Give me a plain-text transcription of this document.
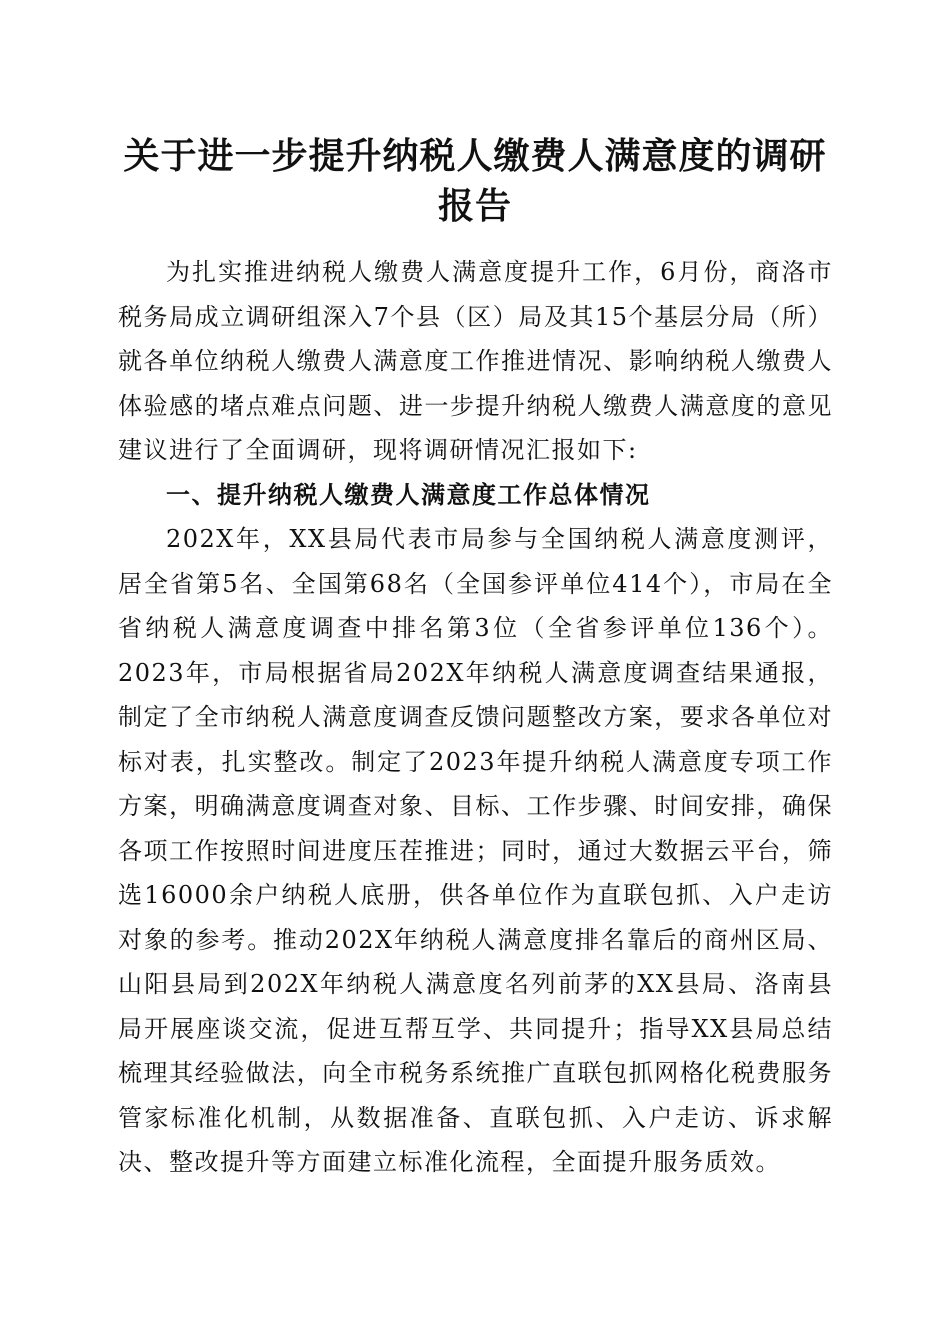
关于进一步提升纳税人缴费人满意度的调研报告

为扎实推进纳税人缴费人满意度提升工作，6月份，商洛市税务局成立调研组深入7个县（区）局及其15个基层分局（所）就各单位纳税人缴费人满意度工作推进情况、影响纳税人缴费人体验感的堵点难点问题、进一步提升纳税人缴费人满意度的意见建议进行了全面调研，现将调研情况汇报如下:

一、提升纳税人缴费人满意度工作总体情况

202X年，XX县局代表市局参与全国纳税人满意度测评，居全省第5名、全国第68名（全国参评单位414个），市局在全省纳税人满意度调查中排名第3位（全省参评单位136个）。2023年，市局根据省局202X年纳税人满意度调查结果通报，制定了全市纳税人满意度调查反馈问题整改方案，要求各单位对标对表，扎实整改。制定了2023年提升纳税人满意度专项工作方案，明确满意度调查对象、目标、工作步骤、时间安排，确保各项工作按照时间进度压茬推进；同时，通过大数据云平台，筛选16000余户纳税人底册，供各单位作为直联包抓、入户走访对象的参考。推动202X年纳税人满意度排名靠后的商州区局、山阳县局到202X年纳税人满意度名列前茅的XX县局、洛南县局开展座谈交流，促进互帮互学、共同提升；指导XX县局总结梳理其经验做法，向全市税务系统推广直联包抓网格化税费服务管家标准化机制，从数据准备、直联包抓、入户走访、诉求解决、整改提升等方面建立标准化流程，全面提升服务质效。
